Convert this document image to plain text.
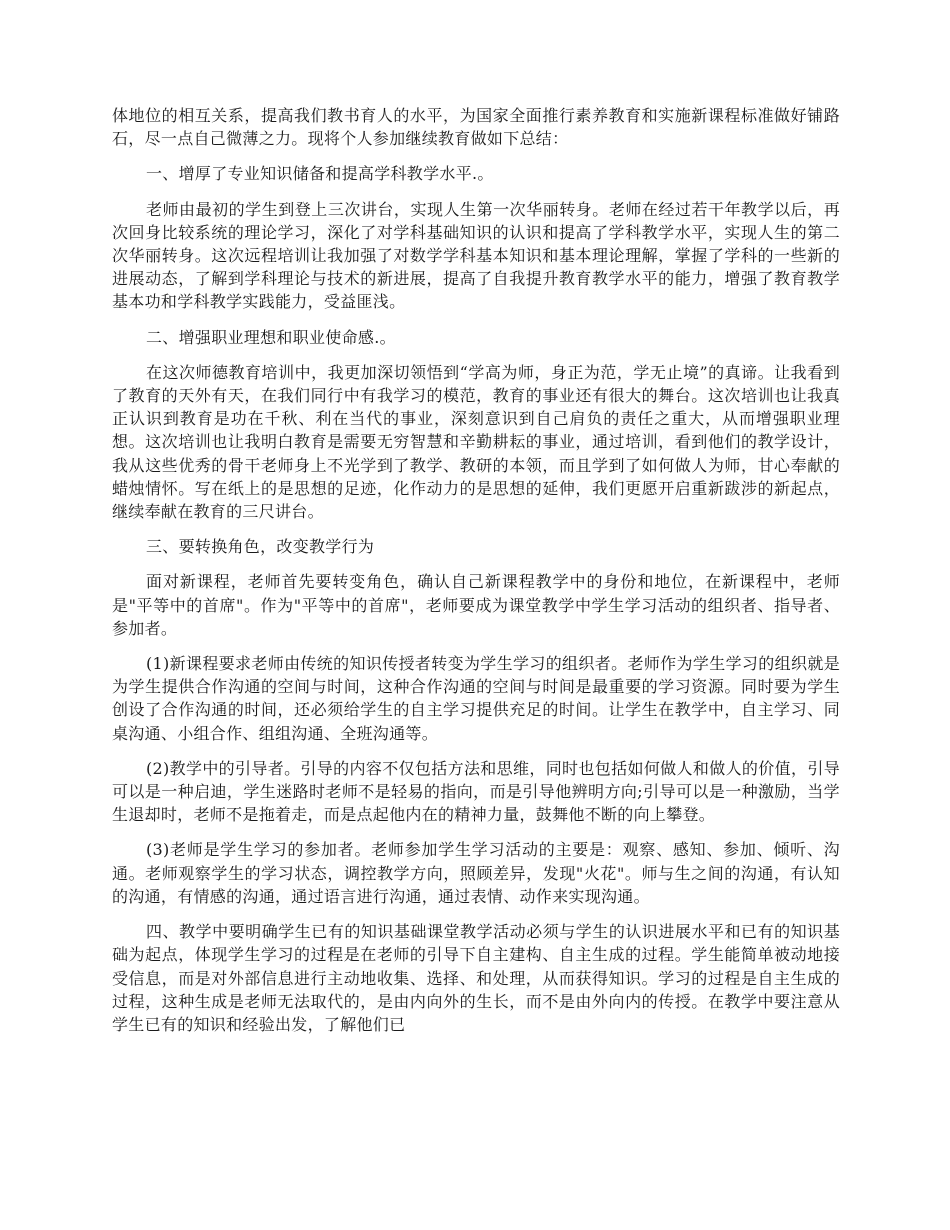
体地位的相互关系，提高我们教书育人的水平，为国家全面推行素养教育和实施新课程标准做好铺路石，尽一点自己微薄之力。现将个人参加继续教育做如下总结：

一、增厚了专业知识储备和提高学科教学水平.。

老师由最初的学生到登上三次讲台，实现人生第一次华丽转身。老师在经过若干年教学以后，再次回身比较系统的理论学习，深化了对学科基础知识的认识和提高了学科教学水平，实现人生的第二次华丽转身。这次远程培训让我加强了对数学学科基本知识和基本理论理解，掌握了学科的一些新的进展动态，了解到学科理论与技术的新进展，提高了自我提升教育教学水平的能力，增强了教育教学基本功和学科教学实践能力，受益匪浅。

二、增强职业理想和职业使命感.。

在这次师德教育培训中，我更加深切领悟到“学高为师，身正为范，学无止境”的真谛。让我看到了教育的天外有天，在我们同行中有我学习的模范，教育的事业还有很大的舞台。这次培训也让我真正认识到教育是功在千秋、利在当代的事业，深刻意识到自己肩负的责任之重大，从而增强职业理想。这次培训也让我明白教育是需要无穷智慧和辛勤耕耘的事业，通过培训，看到他们的教学设计，我从这些优秀的骨干老师身上不光学到了教学、教研的本领，而且学到了如何做人为师，甘心奉献的蜡烛情怀。写在纸上的是思想的足迹，化作动力的是思想的延伸，我们更愿开启重新跋涉的新起点，继续奉献在教育的三尺讲台。

三、要转换角色，改变教学行为

面对新课程，老师首先要转变角色，确认自己新课程教学中的身份和地位，在新课程中，老师是"平等中的首席"。作为"平等中的首席"，老师要成为课堂教学中学生学习活动的组织者、指导者、参加者。

(1)新课程要求老师由传统的知识传授者转变为学生学习的组织者。老师作为学生学习的组织就是为学生提供合作沟通的空间与时间，这种合作沟通的空间与时间是最重要的学习资源。同时要为学生创设了合作沟通的时间，还必须给学生的自主学习提供充足的时间。让学生在教学中，自主学习、同桌沟通、小组合作、组组沟通、全班沟通等。

(2)教学中的引导者。引导的内容不仅包括方法和思维，同时也包括如何做人和做人的价值，引导可以是一种启迪，学生迷路时老师不是轻易的指向，而是引导他辨明方向;引导可以是一种激励，当学生退却时，老师不是拖着走，而是点起他内在的精神力量，鼓舞他不断的向上攀登。

(3)老师是学生学习的参加者。老师参加学生学习活动的主要是：观察、感知、参加、倾听、沟通。老师观察学生的学习状态，调控教学方向，照顾差异，发现"火花"。师与生之间的沟通，有认知的沟通，有情感的沟通，通过语言进行沟通，通过表情、动作来实现沟通。

四、教学中要明确学生已有的知识基础课堂教学活动必须与学生的认识进展水平和已有的知识基础为起点，体现学生学习的过程是在老师的引导下自主建构、自主生成的过程。学生能简单被动地接受信息，而是对外部信息进行主动地收集、选择、和处理，从而获得知识。学习的过程是自主生成的过程，这种生成是老师无法取代的，是由内向外的生长，而不是由外向内的传授。在教学中要注意从学生已有的知识和经验出发，了解他们已
